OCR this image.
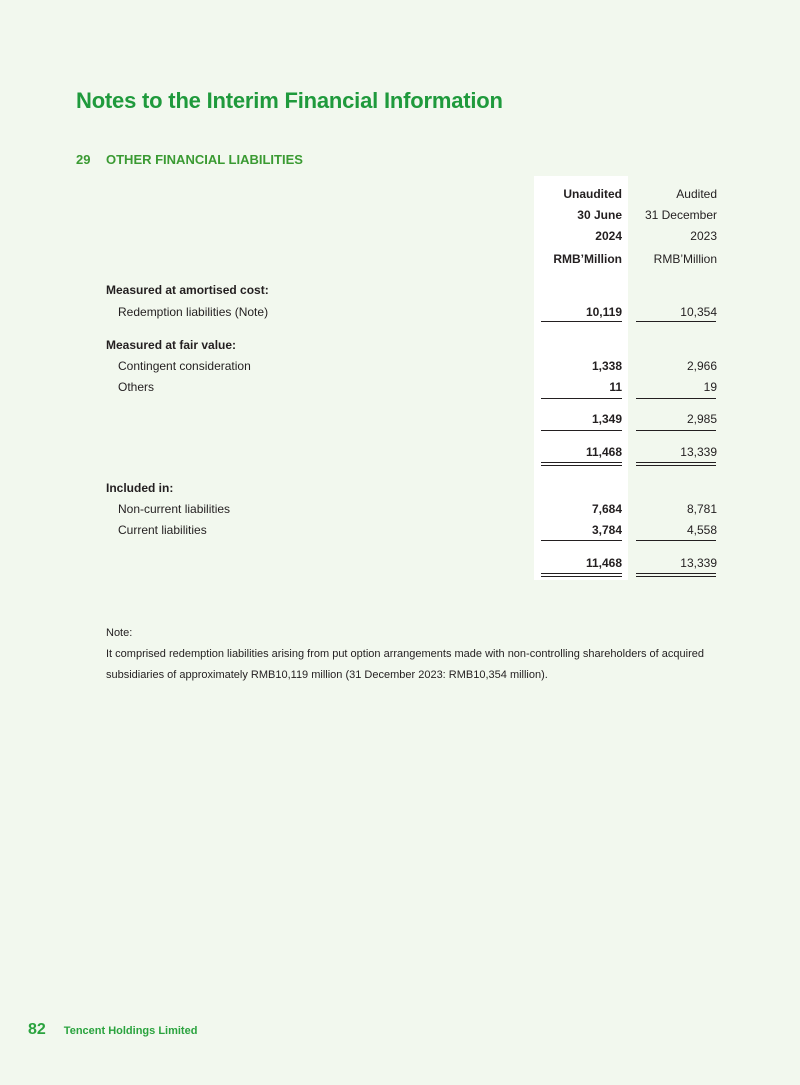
Notes to the Interim Financial Information
29 OTHER FINANCIAL LIABILITIES
Unaudited	Audited
30 June 31 December
2024	2023
RMB’Million	RMB’Million
Measured at amortised cost:
Redemption liabilities (Note)	10,119	10,354
Measured at fair value:
Contingent consideration	1,338	2,966
Others	11	19
1,349	2,985
11,468	13,339
Included in:
Non-current liabilities	7,684	8,781
Current liabilities	3,784	4,558
11,468	13,339
Note:
It comprised redemption liabilities arising from put option arrangements made with non-controlling shareholders of acquired subsidiaries of approximately RMB10,119 million (31 December 2023: RMB10,354 million).
82 Tencent Holdings Limited
